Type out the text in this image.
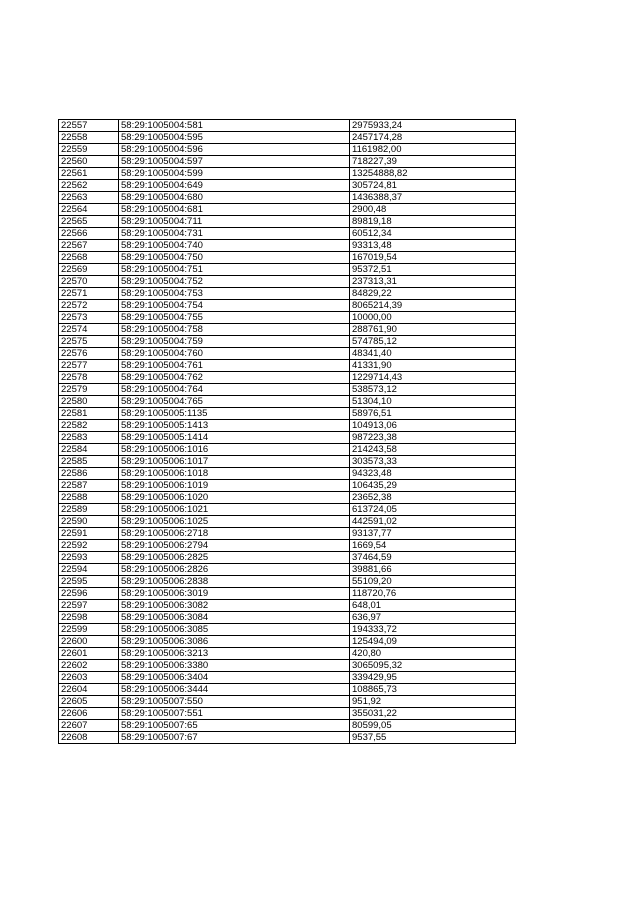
22557	58:29:1005004:581	2975933,24
22558	58:29:1005004:595	2457174,28
22559	58:29:1005004:596	1161982,00
22560	58:29:1005004:597	718227,39
22561	58:29:1005004:599	13254888,82
22562	58:29:1005004:649	305724,81
22563	58:29:1005004:680	1436388,37
22564	58:29:1005004:681	2900,48
22565	58:29:1005004:711	89819,18
22566	58:29:1005004:731	60512,34
22567	58:29:1005004:740	93313,48
22568	58:29:1005004:750	167019,54
22569	58:29:1005004:751	95372,51
22570	58:29:1005004:752	237313,31
22571	58:29:1005004:753	84829,22
22572	58:29:1005004:754	8065214,39
22573	58:29:1005004:755	10000,00
22574	58:29:1005004:758	288761,90
22575	58:29:1005004:759	574785,12
22576	58:29:1005004:760	48341,40
22577	58:29:1005004:761	41331,90
22578	58:29:1005004:762	1229714,43
22579	58:29:1005004:764	538573,12
22580	58:29:1005004:765	51304,10
22581	58:29:1005005:1135	58976,51
22582	58:29:1005005:1413	104913,06
22583	58:29:1005005:1414	987223,38
22584	58:29:1005006:1016	214243,58
22585	58:29:1005006:1017	303573,33
22586	58:29:1005006:1018	94323,48
22587	58:29:1005006:1019	106435,29
22588	58:29:1005006:1020	23652,38
22589	58:29:1005006:1021	613724,05
22590	58:29:1005006:1025	442591,02
22591	58:29:1005006:2718	93137,77
22592	58:29:1005006:2794	1669,54
22593	58:29:1005006:2825	37464,59
22594	58:29:1005006:2826	39881,66
22595	58:29:1005006:2838	55109,20
22596	58:29:1005006:3019	118720,76
22597	58:29:1005006:3082	648,01
22598	58:29:1005006:3084	636,97
22599	58:29:1005006:3085	194333,72
22600	58:29:1005006:3086	125494,09
22601	58:29:1005006:3213	420,80
22602	58:29:1005006:3380	3065095,32
22603	58:29:1005006:3404	339429,95
22604	58:29:1005006:3444	108865,73
22605	58:29:1005007:550	951,92
22606	58:29:1005007:551	355031,22
22607	58:29:1005007:65	80599,05
22608	58:29:1005007:67	9537,55
